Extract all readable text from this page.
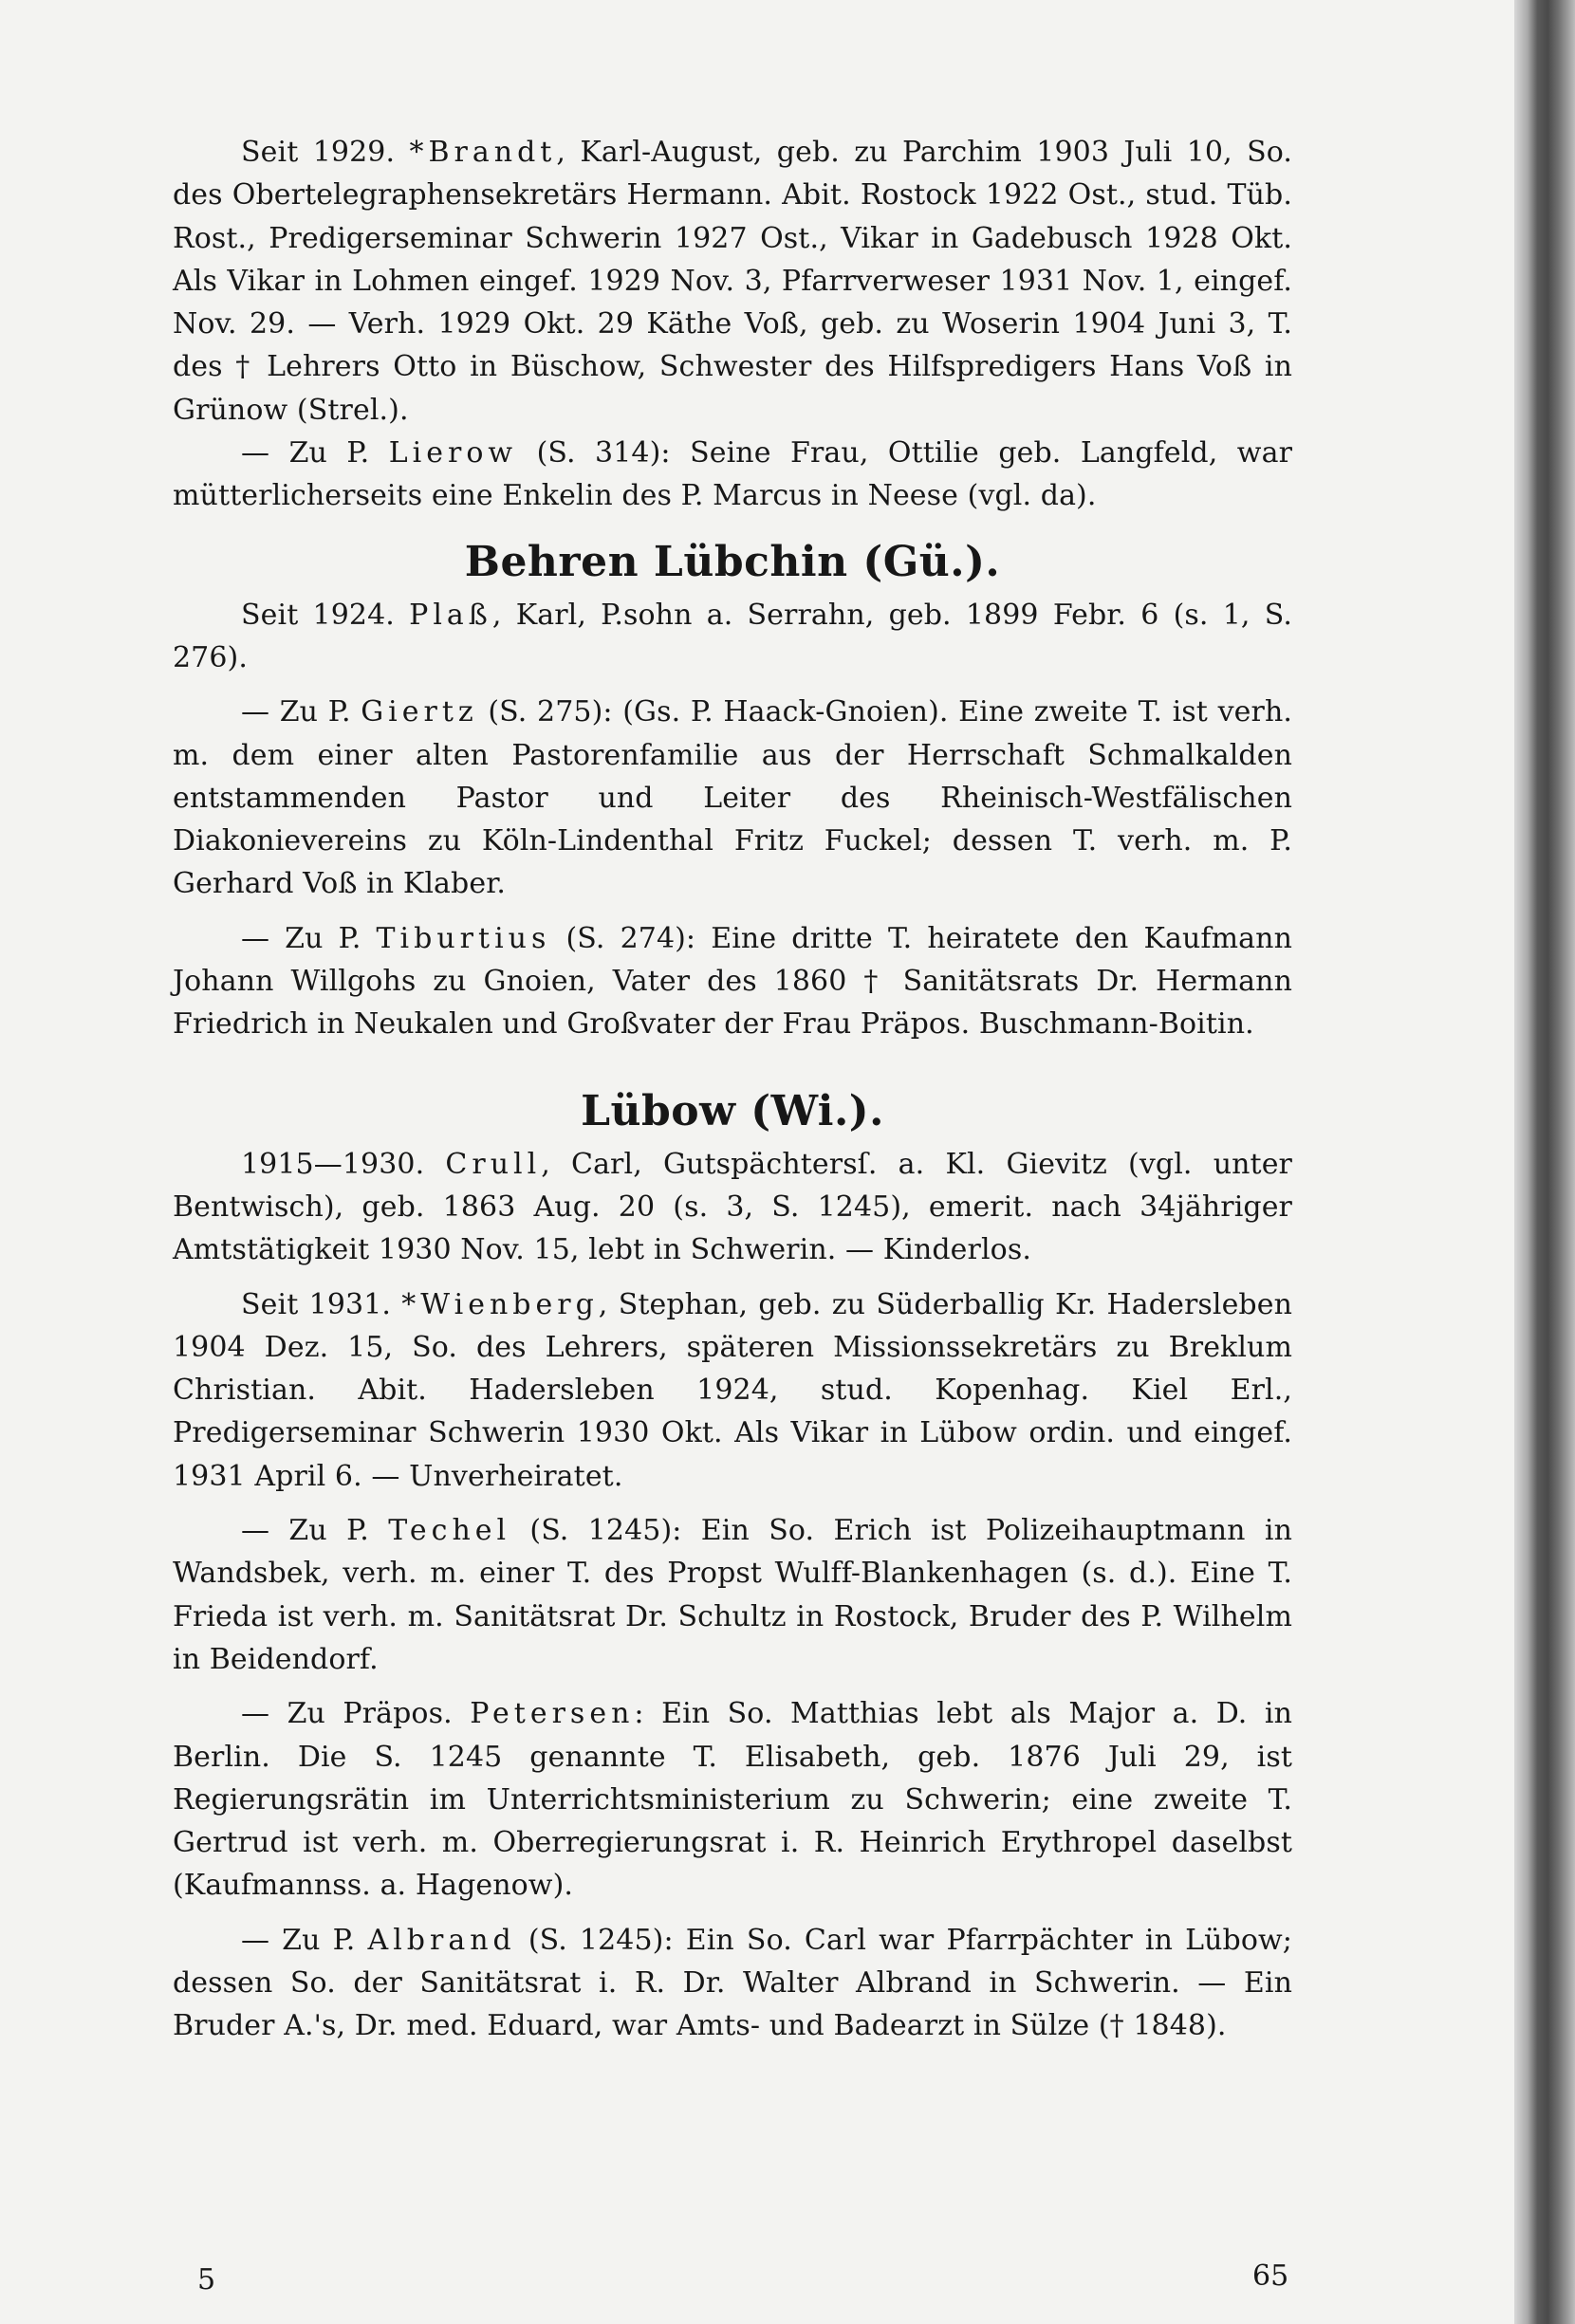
Seit 1929. *Brandt, Karl-August, geb. zu Parchim 1903 Juli 10, So. des Obertelegraphensekretärs Hermann. Abit. Rostock 1922 Ost., stud. Tüb. Rost., Predigerseminar Schwerin 1927 Ost., Vikar in Gadebusch 1928 Okt. Als Vikar in Lohmen eingef. 1929 Nov. 3, Pfarrverweser 1931 Nov. 1, eingef. Nov. 29. — Verh. 1929 Okt. 29 Käthe Voß, geb. zu Woserin 1904 Juni 3, T. des † Lehrers Otto in Büschow, Schwester des Hilfspredigers Hans Voß in Grünow (Strel.).

— Zu P. Lierow (S. 314): Seine Frau, Ottilie geb. Langfeld, war mütterlicherseits eine Enkelin des P. Marcus in Neese (vgl. da).

Behren Lübchin (Gü.).

Seit 1924. Plaß, Karl, P.sohn a. Serrahn, geb. 1899 Febr. 6 (s. 1, S. 276).

— Zu P. Giertz (S. 275): (Gs. P. Haack-Gnoien). Eine zweite T. ist verh. m. dem einer alten Pastorenfamilie aus der Herrschaft Schmalkalden entstammenden Pastor und Leiter des Rheinisch-Westfälischen Diakonievereins zu Köln-Lindenthal Fritz Fuckel; dessen T. verh. m. P. Gerhard Voß in Klaber.

— Zu P. Tiburtius (S. 274): Eine dritte T. heiratete den Kaufmann Johann Willgohs zu Gnoien, Vater des 1860 † Sanitätsrats Dr. Hermann Friedrich in Neukalen und Großvater der Frau Präpos. Buschmann-Boitin.

Lübow (Wi.).

1915—1930. Crull, Carl, Gutspächtersſ. a. Kl. Gievitz (vgl. unter Bentwisch), geb. 1863 Aug. 20 (s. 3, S. 1245), emerit. nach 34jähriger Amtstätigkeit 1930 Nov. 15, lebt in Schwerin. — Kinderlos.

Seit 1931. *Wienberg, Stephan, geb. zu Süderballig Kr. Hadersleben 1904 Dez. 15, So. des Lehrers, späteren Missionssekretärs zu Breklum Christian. Abit. Hadersleben 1924, stud. Kopenhag. Kiel Erl., Predigerseminar Schwerin 1930 Okt. Als Vikar in Lübow ordin. und eingef. 1931 April 6. — Unverheiratet.

— Zu P. Techel (S. 1245): Ein So. Erich ist Polizeihauptmann in Wandsbek, verh. m. einer T. des Propst Wulff-Blankenhagen (s. d.). Eine T. Frieda ist verh. m. Sanitätsrat Dr. Schultz in Rostock, Bruder des P. Wilhelm in Beidendorf.

— Zu Präpos. Petersen: Ein So. Matthias lebt als Major a. D. in Berlin. Die S. 1245 genannte T. Elisabeth, geb. 1876 Juli 29, ist Regierungsrätin im Unterrichtsministerium zu Schwerin; eine zweite T. Gertrud ist verh. m. Oberregierungsrat i. R. Heinrich Erythropel daselbst (Kaufmannss. a. Hagenow).

— Zu P. Albrand (S. 1245): Ein So. Carl war Pfarrpächter in Lübow; dessen So. der Sanitätsrat i. R. Dr. Walter Albrand in Schwerin. — Ein Bruder A.'s, Dr. med. Eduard, war Amts- und Badearzt in Sülze († 1848).

5	65
